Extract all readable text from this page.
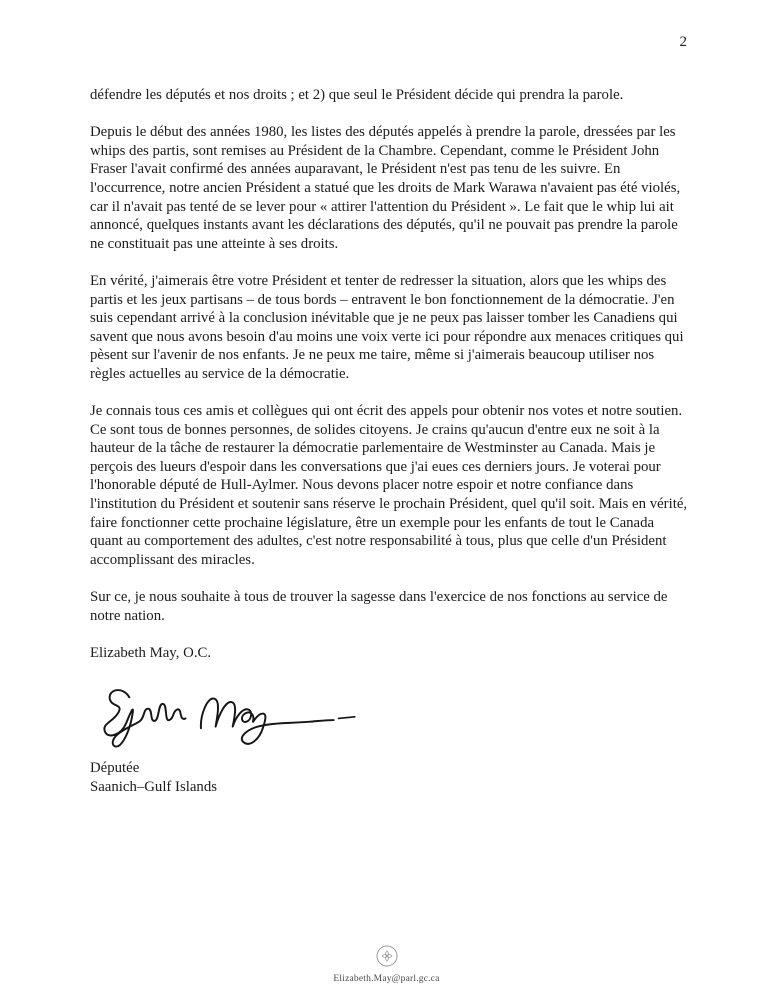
2

défendre les députés et nos droits ; et 2) que seul le Président décide qui prendra la parole.

Depuis le début des années 1980, les listes des députés appelés à prendre la parole, dressées par les whips des partis, sont remises au Président de la Chambre. Cependant, comme le Président John Fraser l'avait confirmé des années auparavant, le Président n'est pas tenu de les suivre. En l'occurrence, notre ancien Président a statué que les droits de Mark Warawa n'avaient pas été violés, car il n'avait pas tenté de se lever pour « attirer l'attention du Président ». Le fait que le whip lui ait annoncé, quelques instants avant les déclarations des députés, qu'il ne pouvait pas prendre la parole ne constituait pas une atteinte à ses droits.

En vérité, j'aimerais être votre Président et tenter de redresser la situation, alors que les whips des partis et les jeux partisans – de tous bords – entravent le bon fonctionnement de la démocratie. J'en suis cependant arrivé à la conclusion inévitable que je ne peux pas laisser tomber les Canadiens qui savent que nous avons besoin d'au moins une voix verte ici pour répondre aux menaces critiques qui pèsent sur l'avenir de nos enfants. Je ne peux me taire, même si j'aimerais beaucoup utiliser nos règles actuelles au service de la démocratie.

Je connais tous ces amis et collègues qui ont écrit des appels pour obtenir nos votes et notre soutien. Ce sont tous de bonnes personnes, de solides citoyens. Je crains qu'aucun d'entre eux ne soit à la hauteur de la tâche de restaurer la démocratie parlementaire de Westminster au Canada. Mais je perçois des lueurs d'espoir dans les conversations que j'ai eues ces derniers jours. Je voterai pour l'honorable député de Hull-Aylmer. Nous devons placer notre espoir et notre confiance dans l'institution du Président et soutenir sans réserve le prochain Président, quel qu'il soit. Mais en vérité, faire fonctionner cette prochaine législature, être un exemple pour les enfants de tout le Canada quant au comportement des adultes, c'est notre responsabilité à tous, plus que celle d'un Président accomplissant des miracles.

Sur ce, je nous souhaite à tous de trouver la sagesse dans l'exercice de nos fonctions au service de notre nation.

Elizabeth May, O.C.

Députée
Saanich–Gulf Islands
Elizabeth.May@parl.gc.ca
